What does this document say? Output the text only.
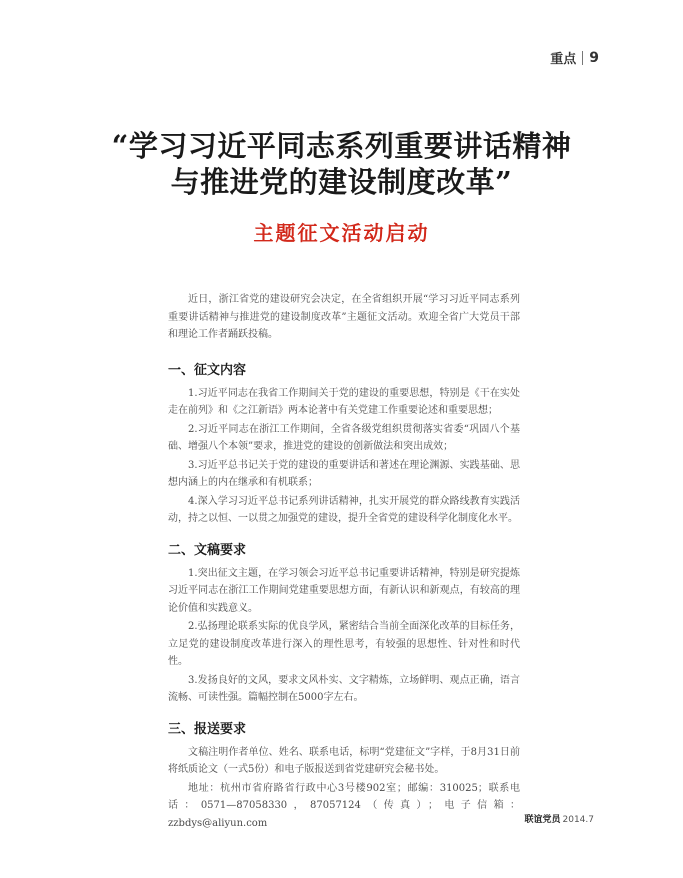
重点 9
“学习习近平同志系列重要讲话精神
与推进党的建设制度改革”
主题征文活动启动

近日，浙江省党的建设研究会决定，在全省组织开展“学习习近平同志系列重要讲话精神与推进党的建设制度改革”主题征文活动。欢迎全省广大党员干部和理论工作者踊跃投稿。

一、征文内容

1.习近平同志在我省工作期间关于党的建设的重要思想，特别是《干在实处走在前列》和《之江新语》两本论著中有关党建工作重要论述和重要思想；

2.习近平同志在浙江工作期间，全省各级党组织贯彻落实省委“巩固八个基础、增强八个本领”要求，推进党的建设的创新做法和突出成效；

3.习近平总书记关于党的建设的重要讲话和著述在理论渊源、实践基础、思想内涵上的内在继承和有机联系；

4.深入学习习近平总书记系列讲话精神，扎实开展党的群众路线教育实践活动，持之以恒、一以贯之加强党的建设，提升全省党的建设科学化制度化水平。

二、文稿要求

1.突出征文主题，在学习领会习近平总书记重要讲话精神，特别是研究提炼习近平同志在浙江工作期间党建重要思想方面，有新认识和新观点，有较高的理论价值和实践意义。

2.弘扬理论联系实际的优良学风，紧密结合当前全面深化改革的目标任务，立足党的建设制度改革进行深入的理性思考，有较强的思想性、针对性和时代性。

3.发扬良好的文风，要求文风朴实、文字精炼，立场鲜明、观点正确，语言流畅、可读性强。篇幅控制在5000字左右。

三、报送要求

文稿注明作者单位、姓名、联系电话，标明“党建征文”字样，于8月31日前将纸质论文（一式5份）和电子版报送到省党建研究会秘书处。

地址：杭州市省府路省行政中心3号楼902室；邮编：310025；联系电话：0571—87058330，87057124（传真）；电子信箱：zzbdys@aliyun.com	联谊党员 2014.7
